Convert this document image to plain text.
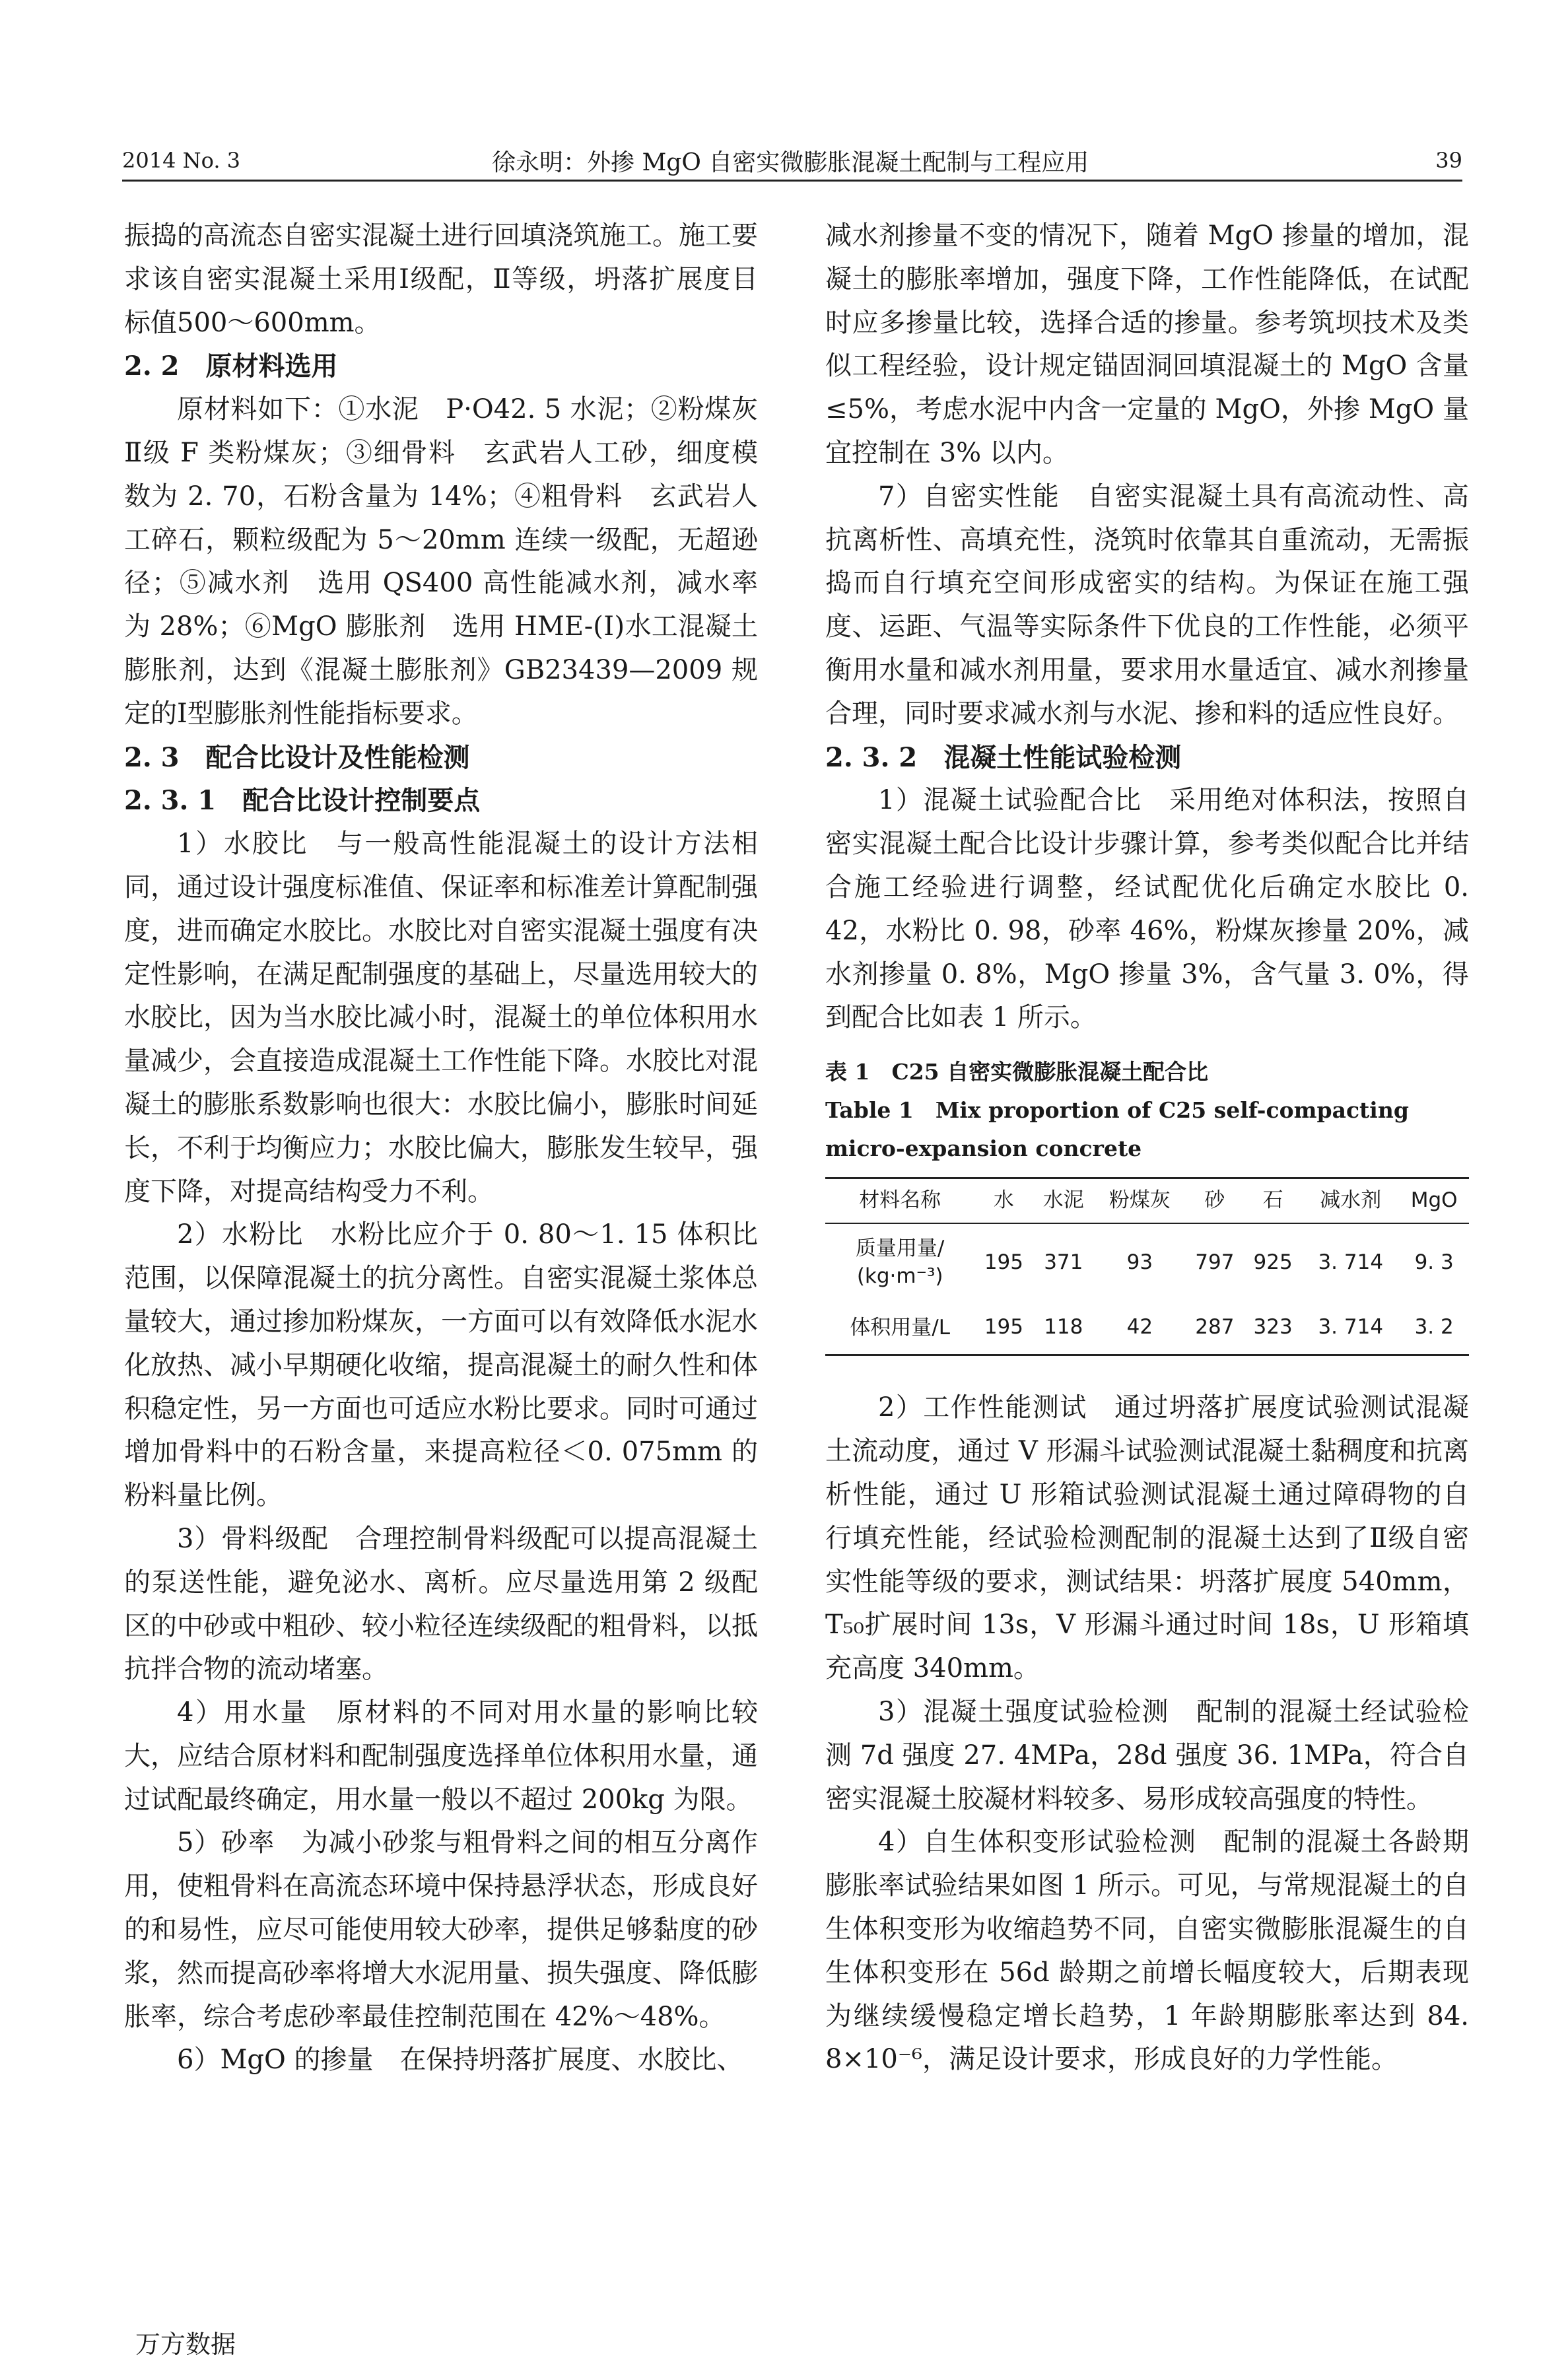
2014 No. 3	徐永明：外掺 MgO 自密实微膨胀混凝土配制与工程应用	39

振捣的高流态自密实混凝土进行回填浇筑施工。施工要求该自密实混凝土采用Ⅰ级配，Ⅱ等级，坍落扩展度目标值500～600mm。

2. 2　原材料选用

原材料如下：①水泥　P·O42. 5 水泥；②粉煤灰　Ⅱ级 F 类粉煤灰；③细骨料　玄武岩人工砂，细度模数为 2. 70，石粉含量为 14%；④粗骨料　玄武岩人工碎石，颗粒级配为 5～20mm 连续一级配，无超逊径；⑤减水剂　选用 QS400 高性能减水剂，减水率为 28%；⑥MgO 膨胀剂　选用 HME-(Ⅰ)水工混凝土膨胀剂，达到《混凝土膨胀剂》GB23439—2009 规定的Ⅰ型膨胀剂性能指标要求。

2. 3　配合比设计及性能检测
2. 3. 1　配合比设计控制要点

1）水胶比　与一般高性能混凝土的设计方法相同，通过设计强度标准值、保证率和标准差计算配制强度，进而确定水胶比。水胶比对自密实混凝土强度有决定性影响，在满足配制强度的基础上，尽量选用较大的水胶比，因为当水胶比减小时，混凝土的单位体积用水量减少，会直接造成混凝土工作性能下降。水胶比对混凝土的膨胀系数影响也很大：水胶比偏小，膨胀时间延长，不利于均衡应力；水胶比偏大，膨胀发生较早，强度下降，对提高结构受力不利。

2）水粉比　水粉比应介于 0. 80～1. 15 体积比范围，以保障混凝土的抗分离性。自密实混凝土浆体总量较大，通过掺加粉煤灰，一方面可以有效降低水泥水化放热、减小早期硬化收缩，提高混凝土的耐久性和体积稳定性，另一方面也可适应水粉比要求。同时可通过增加骨料中的石粉含量，来提高粒径＜0. 075mm 的粉料量比例。

3）骨料级配　合理控制骨料级配可以提高混凝土的泵送性能，避免泌水、离析。应尽量选用第 2 级配区的中砂或中粗砂、较小粒径连续级配的粗骨料，以抵抗拌合物的流动堵塞。

4）用水量　原材料的不同对用水量的影响比较大，应结合原材料和配制强度选择单位体积用水量，通过试配最终确定，用水量一般以不超过 200kg 为限。

5）砂率　为减小砂浆与粗骨料之间的相互分离作用，使粗骨料在高流态环境中保持悬浮状态，形成良好的和易性，应尽可能使用较大砂率，提供足够黏度的砂浆，然而提高砂率将增大水泥用量、损失强度、降低膨胀率，综合考虑砂率最佳控制范围在 42%～48%。

6）MgO 的掺量　在保持坍落扩展度、水胶比、

减水剂掺量不变的情况下，随着 MgO 掺量的增加，混凝土的膨胀率增加，强度下降，工作性能降低，在试配时应多掺量比较，选择合适的掺量。参考筑坝技术及类似工程经验，设计规定锚固洞回填混凝土的 MgO 含量≤5%，考虑水泥中内含一定量的 MgO，外掺 MgO 量宜控制在 3% 以内。

7）自密实性能　自密实混凝土具有高流动性、高抗离析性、高填充性，浇筑时依靠其自重流动，无需振捣而自行填充空间形成密实的结构。为保证在施工强度、运距、气温等实际条件下优良的工作性能，必须平衡用水量和减水剂用量，要求用水量适宜、减水剂掺量合理，同时要求减水剂与水泥、掺和料的适应性良好。

2. 3. 2　混凝土性能试验检测

1）混凝土试验配合比　采用绝对体积法，按照自密实混凝土配合比设计步骤计算，参考类似配合比并结合施工经验进行调整，经试配优化后确定水胶比 0. 42，水粉比 0. 98，砂率 46%，粉煤灰掺量 20%，减水剂掺量 0. 8%，MgO 掺量 3%，含气量 3. 0%，得到配合比如表 1 所示。

表 1　C25 自密实微膨胀混凝土配合比

Table 1　Mix proportion of C25 self-compacting

micro-expansion concrete

材料名称	水	水泥	粉煤灰	砂	石	减水剂	MgO

质量用量/
(kg·m⁻³)	195	371	93	797	925	3. 714	9. 3
体积用量/L	195	118	42	287	323	3. 714	3. 2

2）工作性能测试　通过坍落扩展度试验测试混凝土流动度，通过 V 形漏斗试验测试混凝土黏稠度和抗离析性能，通过 U 形箱试验测试混凝土通过障碍物的自行填充性能，经试验检测配制的混凝土达到了Ⅱ级自密实性能等级的要求，测试结果：坍落扩展度 540mm，T₅₀扩展时间 13s，V 形漏斗通过时间 18s，U 形箱填充高度 340mm。

3）混凝土强度试验检测　配制的混凝土经试验检测 7d 强度 27. 4MPa，28d 强度 36. 1MPa，符合自密实混凝土胶凝材料较多、易形成较高强度的特性。

4）自生体积变形试验检测　配制的混凝土各龄期膨胀率试验结果如图 1 所示。可见，与常规混凝土的自生体积变形为收缩趋势不同，自密实微膨胀混凝生的自生体积变形在 56d 龄期之前增长幅度较大，后期表现为继续缓慢稳定增长趋势，1 年龄期膨胀率达到 84. 8×10⁻⁶，满足设计要求，形成良好的力学性能。

万方数据
